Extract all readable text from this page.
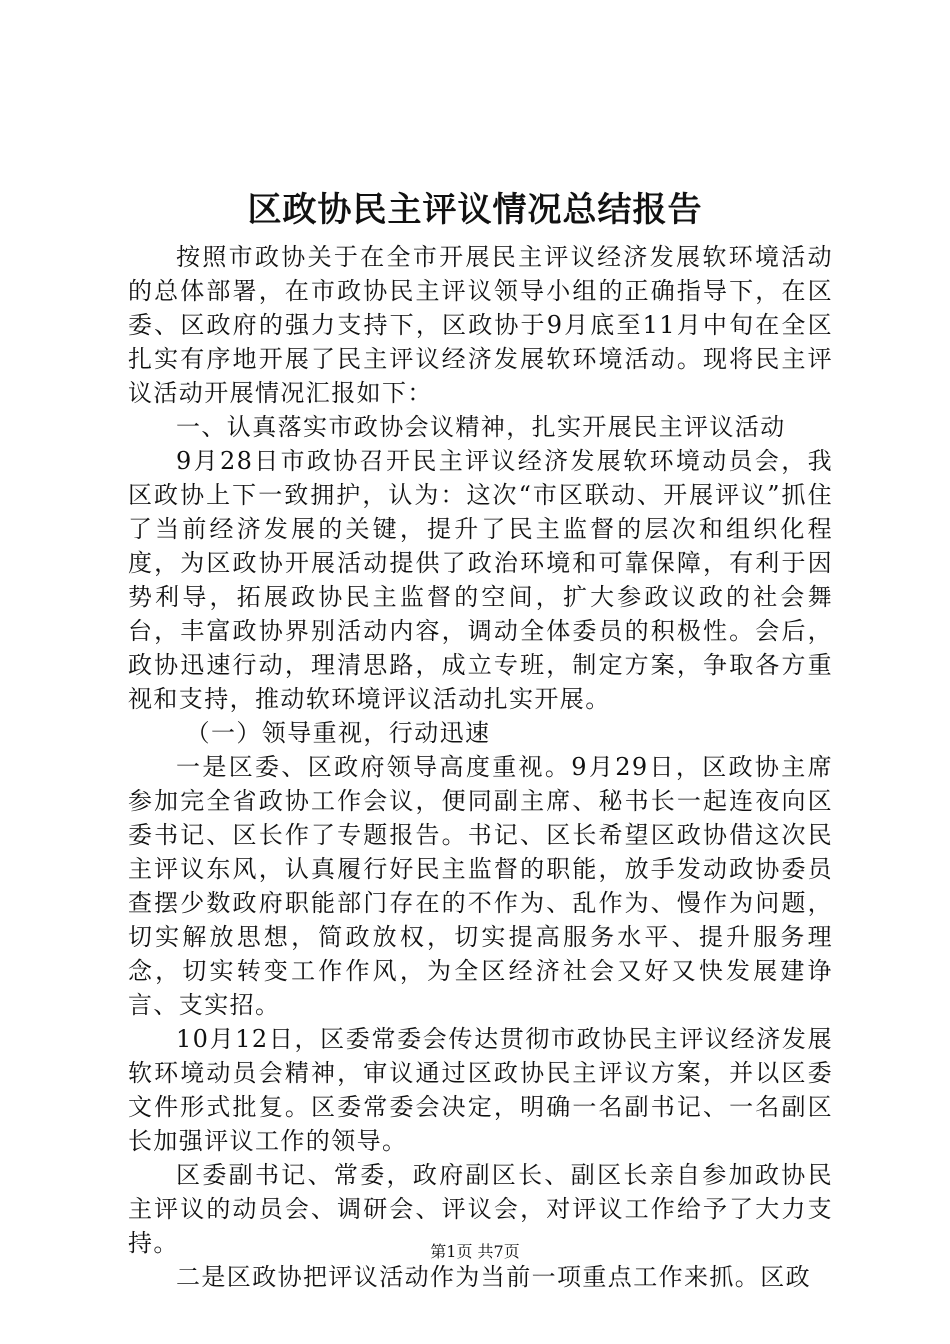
区政协民主评议情况总结报告

按照市政协关于在全市开展民主评议经济发展软环境活动的总体部署，在市政协民主评议领导小组的正确指导下，在区委、区政府的强力支持下，区政协于9月底至11月中旬在全区扎实有序地开展了民主评议经济发展软环境活动。现将民主评议活动开展情况汇报如下：

一、认真落实市政协会议精神，扎实开展民主评议活动

9月28日市政协召开民主评议经济发展软环境动员会，我区政协上下一致拥护，认为：这次“市区联动、开展评议”抓住了当前经济发展的关键，提升了民主监督的层次和组织化程度，为区政协开展活动提供了政治环境和可靠保障，有利于因势利导，拓展政协民主监督的空间，扩大参政议政的社会舞台，丰富政协界别活动内容，调动全体委员的积极性。会后，政协迅速行动，理清思路，成立专班，制定方案，争取各方重视和支持，推动软环境评议活动扎实开展。

（一）领导重视，行动迅速

一是区委、区政府领导高度重视。9月29日，区政协主席参加完全省政协工作会议，便同副主席、秘书长一起连夜向区委书记、区长作了专题报告。书记、区长希望区政协借这次民主评议东风，认真履行好民主监督的职能，放手发动政协委员查摆少数政府职能部门存在的不作为、乱作为、慢作为问题，切实解放思想，简政放权，切实提高服务水平、提升服务理念，切实转变工作作风，为全区经济社会又好又快发展建诤言、支实招。

10月12日，区委常委会传达贯彻市政协民主评议经济发展软环境动员会精神，审议通过区政协民主评议方案，并以区委文件形式批复。区委常委会决定，明确一名副书记、一名副区长加强评议工作的领导。

区委副书记、常委，政府副区长、副区长亲自参加政协民主评议的动员会、调研会、评议会，对评议工作给予了大力支持。

二是区政协把评议活动作为当前一项重点工作来抓。区政

第1页 共7页
